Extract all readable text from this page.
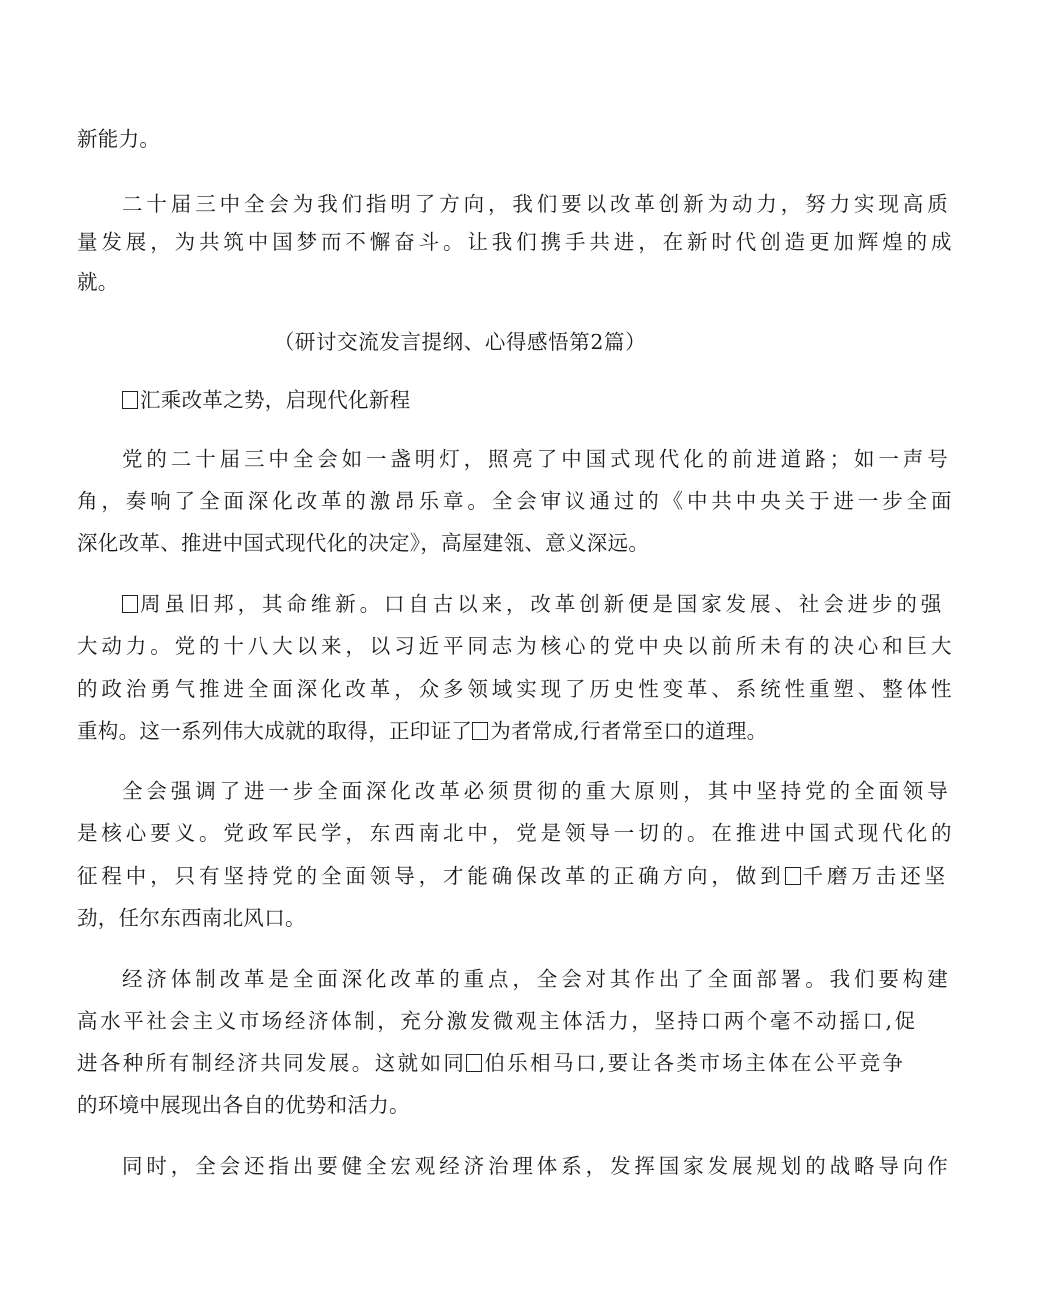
新能力。
二十届三中全会为我们指明了方向，我们要以改革创新为动力，努力实现高质
量发展，为共筑中国梦而不懈奋斗。让我们携手共进，在新时代创造更加辉煌的成
就。
（研讨交流发言提纲、心得感悟第2篇）
汇乘改革之势，启现代化新程
党的二十届三中全会如一盏明灯，照亮了中国式现代化的前进道路；如一声号
角，奏响了全面深化改革的激昂乐章。全会审议通过的《中共中央关于进一步全面
深化改革、推进中国式现代化的决定》，高屋建瓴、意义深远。
周虽旧邦，其命维新。口自古以来，改革创新便是国家发展、社会进步的强
大动力。党的十八大以来，以习近平同志为核心的党中央以前所未有的决心和巨大
的政治勇气推进全面深化改革，众多领域实现了历史性变革、系统性重塑、整体性
重构。这一系列伟大成就的取得，正印证了 为者常成,行者常至口的道理。
全会强调了进一步全面深化改革必须贯彻的重大原则，其中坚持党的全面领导
是核心要义。党政军民学，东西南北中，党是领导一切的。在推进中国式现代化的
征程中，只有坚持党的全面领导，才能确保改革的正确方向，做到 千磨万击还坚
劲，任尔东西南北风口。
经济体制改革是全面深化改革的重点，全会对其作出了全面部署。我们要构建
高水平社会主义市场经济体制，充分激发微观主体活力，坚持口两个毫不动摇口,促
进各种所有制经济共同发展。这就如同 伯乐相马口,要让各类市场主体在公平竞争
的环境中展现出各自的优势和活力。
同时，全会还指出要健全宏观经济治理体系，发挥国家发展规划的战略导向作
